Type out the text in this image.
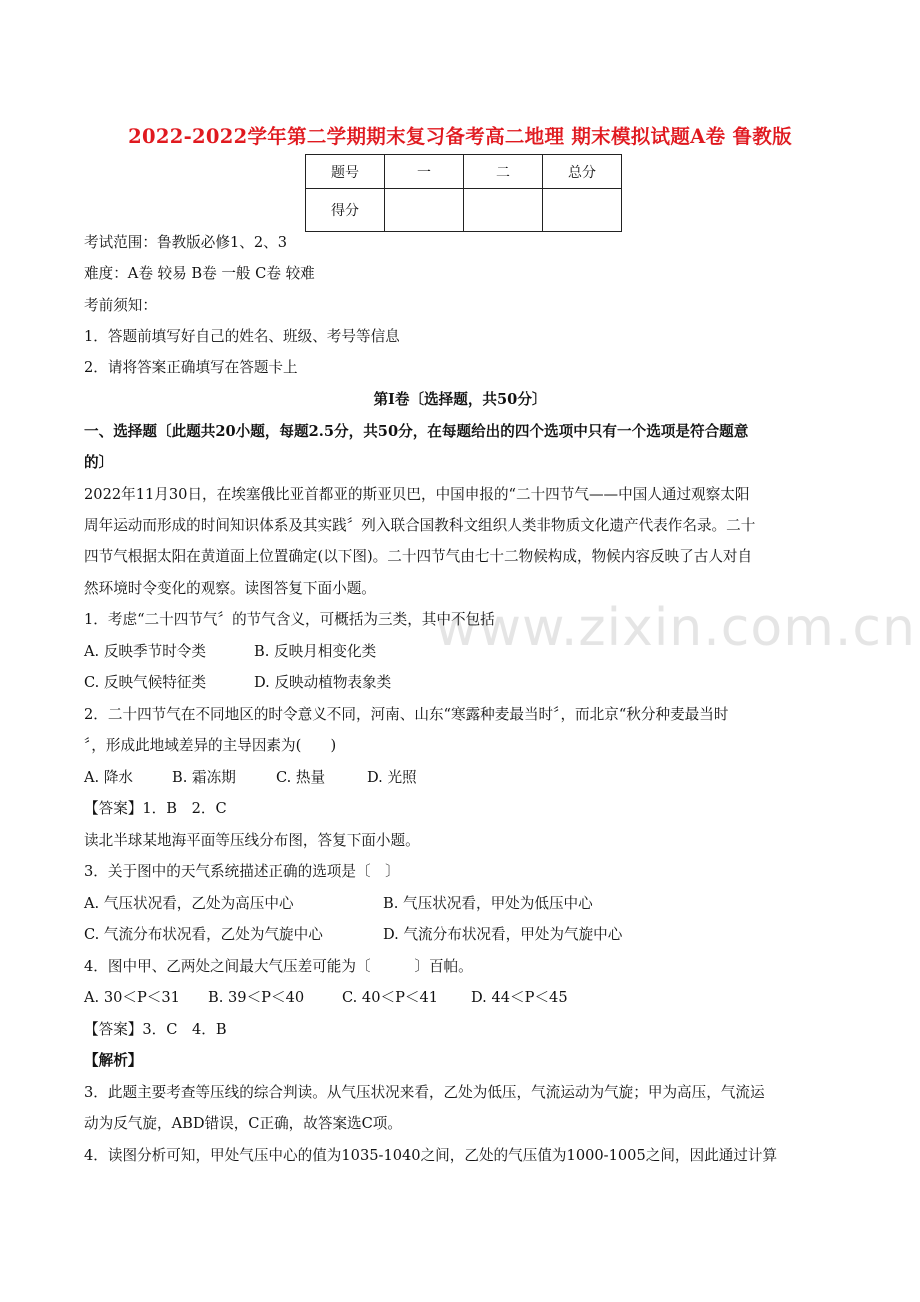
www.zixin.com.cn
2022-2022学年第二学期期末复习备考高二地理 期末模拟试题A卷 鲁教版
题号	一	二	总分
得分			
考试范围：鲁教版必修1、2、3
难度：A卷 较易 B卷 一般 C卷 较难
考前须知：
1．答题前填写好自己的姓名、班级、考号等信息
2．请将答案正确填写在答题卡上
第Ⅰ卷〔选择题，共50分〕
一、选择题〔此题共20小题，每题2.5分，共50分，在每题给出的四个选项中只有一个选项是符合题意
的〕
2022年11月30日，在埃塞俄比亚首都亚的斯亚贝巴，中国申报的“二十四节气——中国人通过观察太阳
周年运动而形成的时间知识体系及其实践〞列入联合国教科文组织人类非物质文化遗产代表作名录。二十
四节气根据太阳在黄道面上位置确定(以下图)。二十四节气由七十二物候构成，物候内容反映了古人对自
然环境时令变化的观察。读图答复下面小题。
1．考虑“二十四节气〞的节气含义，可概括为三类，其中不包括
A. 反映季节时令类	B. 反映月相变化类
C. 反映气候特征类	D. 反映动植物表象类
2．二十四节气在不同地区的时令意义不同，河南、山东“寒露种麦最当时〞，而北京“秋分种麦最当时
〞，形成此地域差异的主导因素为(　　)
A. 降水	B. 霜冻期	C. 热量	D. 光照
【答案】1．B　2．C
读北半球某地海平面等压线分布图，答复下面小题。
3．关于图中的天气系统描述正确的选项是〔　〕
A. 气压状况看，乙处为高压中心	B. 气压状况看，甲处为低压中心
C. 气流分布状况看，乙处为气旋中心	D. 气流分布状况看，甲处为气旋中心
4．图中甲、乙两处之间最大气压差可能为〔　　　〕百帕。
A. 30＜P＜31 B. 39＜P＜40	C. 40＜P＜41 D. 44＜P＜45
【答案】3．C　4．B
【解析】
3．此题主要考查等压线的综合判读。从气压状况来看，乙处为低压，气流运动为气旋；甲为高压，气流运
动为反气旋，ABD错误，C正确，故答案选C项。
4．读图分析可知，甲处气压中心的值为1035-1040之间，乙处的气压值为1000-1005之间，因此通过计算
